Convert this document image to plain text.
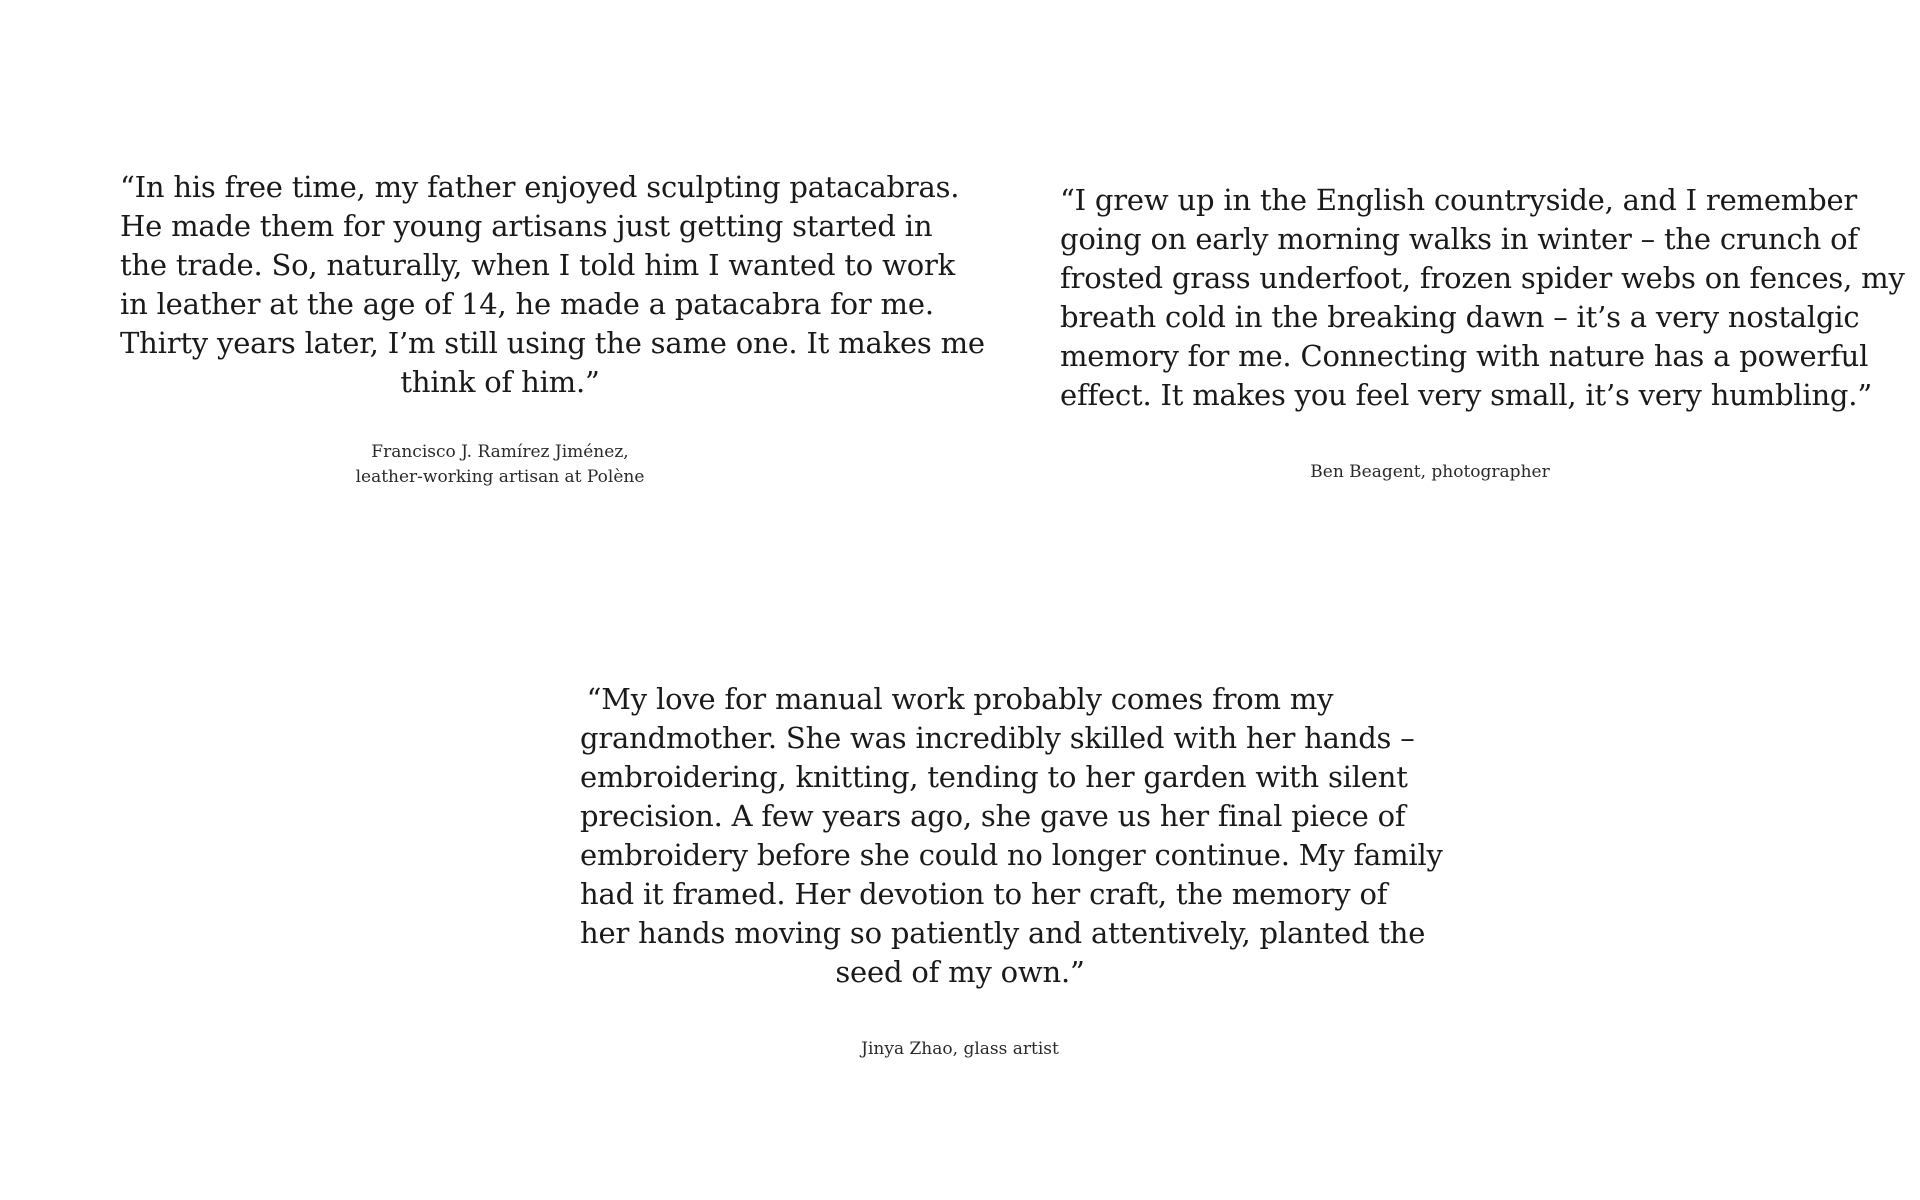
“In his free time, my father enjoyed sculpting patacabras.
He made them for young artisans just getting started in
the trade. So, naturally, when I told him I wanted to work
in leather at the age of 14, he made a patacabra for me.
Thirty years later, I’m still using the same one. It makes me
think of him.”

Francisco J. Ramírez Jiménez,
leather-working artisan at Polène

“I grew up in the English countryside, and I remember
going on early morning walks in winter – the crunch of
frosted grass underfoot, frozen spider webs on fences, my
breath cold in the breaking dawn – it’s a very nostalgic
memory for me. Connecting with nature has a powerful
effect. It makes you feel very small, it’s very humbling.”

Ben Beagent, photographer

“My love for manual work probably comes from my
grandmother. She was incredibly skilled with her hands –
embroidering, knitting, tending to her garden with silent
precision. A few years ago, she gave us her final piece of
embroidery before she could no longer continue. My family
had it framed. Her devotion to her craft, the memory of
her hands moving so patiently and attentively, planted the
seed of my own.”

Jinya Zhao, glass artist
